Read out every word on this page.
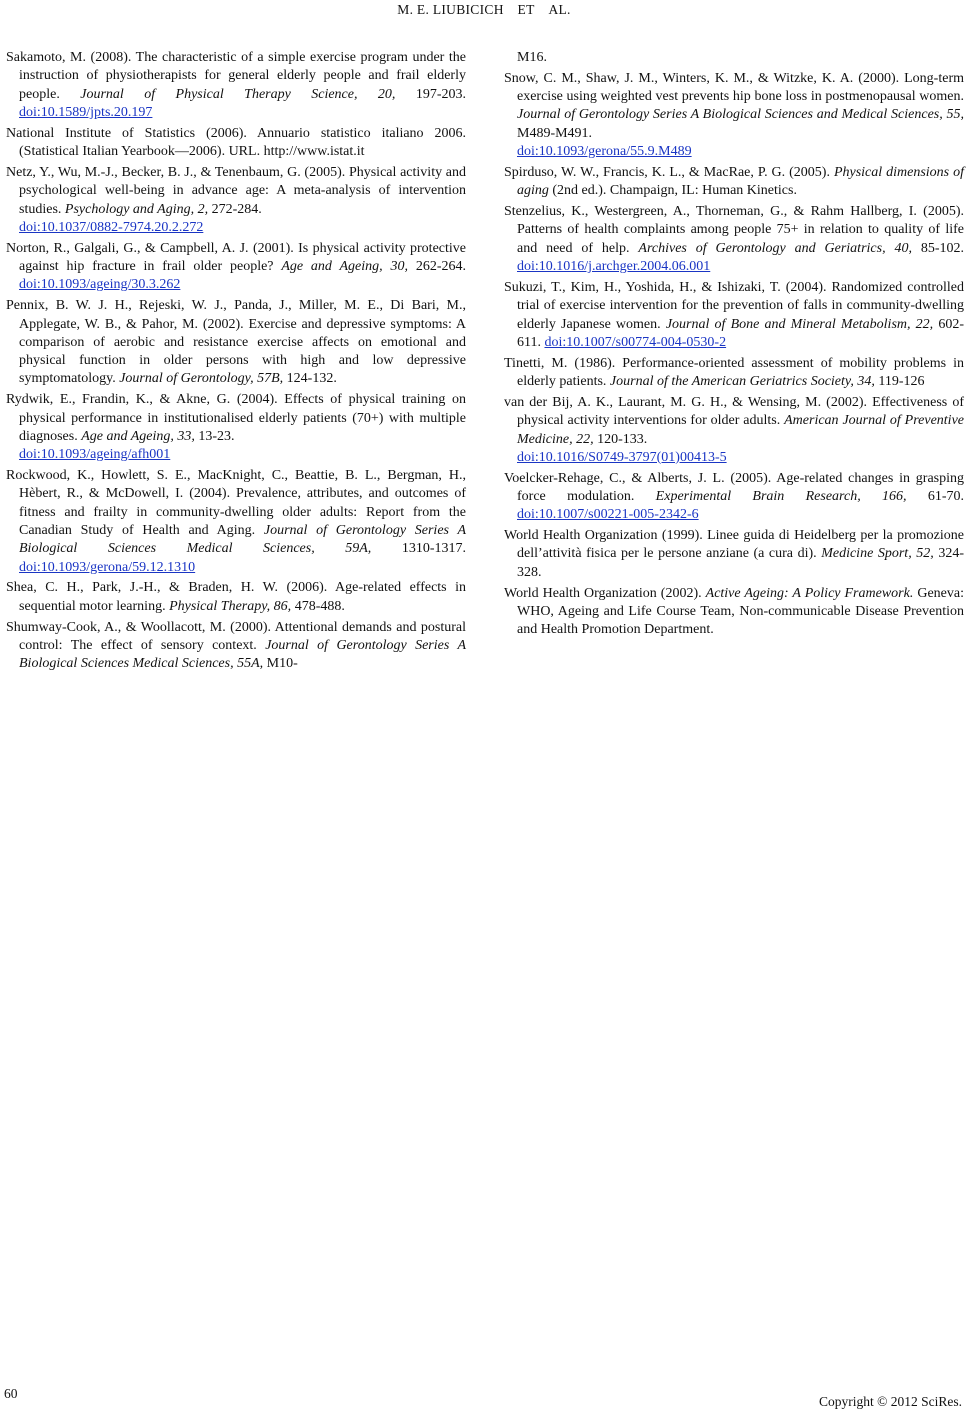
M. E. LIUBICICH ET AL.

Sakamoto, M. (2008). The characteristic of a simple exercise program under the instruction of physiotherapists for general elderly people and frail elderly people. Journal of Physical Therapy Science, 20, 197-203. doi:10.1589/jpts.20.197

National Institute of Statistics (2006). Annuario statistico italiano 2006. (Statistical Italian Yearbook—2006). URL. http://www.istat.it

Netz, Y., Wu, M.-J., Becker, B. J., & Tenenbaum, G. (2005). Physical activity and psychological well-being in advance age: A meta-analysis of intervention studies. Psychology and Aging, 2, 272-284.
doi:10.1037/0882-7974.20.2.272

Norton, R., Galgali, G., & Campbell, A. J. (2001). Is physical activity protective against hip fracture in frail older people? Age and Ageing, 30, 262-264. doi:10.1093/ageing/30.3.262

Pennix, B. W. J. H., Rejeski, W. J., Panda, J., Miller, M. E., Di Bari, M., Applegate, W. B., & Pahor, M. (2002). Exercise and depressive symptoms: A comparison of aerobic and resistance exercise affects on emotional and physical function in older persons with high and low depressive symptomatology. Journal of Gerontology, 57B, 124-132.

Rydwik, E., Frandin, K., & Akne, G. (2004). Effects of physical training on physical performance in institutionalised elderly patients (70+) with multiple diagnoses. Age and Ageing, 33, 13-23.
doi:10.1093/ageing/afh001

Rockwood, K., Howlett, S. E., MacKnight, C., Beattie, B. L., Bergman, H., Hèbert, R., & McDowell, I. (2004). Prevalence, attributes, and outcomes of fitness and frailty in community-dwelling older adults: Report from the Canadian Study of Health and Aging. Journal of Gerontology Series A Biological Sciences Medical Sciences, 59A, 1310-1317. doi:10.1093/gerona/59.12.1310

Shea, C. H., Park, J.-H., & Braden, H. W. (2006). Age-related effects in sequential motor learning. Physical Therapy, 86, 478-488.

Shumway-Cook, A., & Woollacott, M. (2000). Attentional demands and postural control: The effect of sensory context. Journal of Gerontology Series A Biological Sciences Medical Sciences, 55A, M10-

M16.

Snow, C. M., Shaw, J. M., Winters, K. M., & Witzke, K. A. (2000). Long-term exercise using weighted vest prevents hip bone loss in postmenopausal women. Journal of Gerontology Series A Biological Sciences and Medical Sciences, 55, M489-M491.
doi:10.1093/gerona/55.9.M489

Spirduso, W. W., Francis, K. L., & MacRae, P. G. (2005). Physical dimensions of aging (2nd ed.). Champaign, IL: Human Kinetics.

Stenzelius, K., Westergreen, A., Thorneman, G., & Rahm Hallberg, I. (2005). Patterns of health complaints among people 75+ in relation to quality of life and need of help. Archives of Gerontology and Geriatrics, 40, 85-102. doi:10.1016/j.archger.2004.06.001

Sukuzi, T., Kim, H., Yoshida, H., & Ishizaki, T. (2004). Randomized controlled trial of exercise intervention for the prevention of falls in community-dwelling elderly Japanese women. Journal of Bone and Mineral Metabolism, 22, 602-611. doi:10.1007/s00774-004-0530-2

Tinetti, M. (1986). Performance-oriented assessment of mobility problems in elderly patients. Journal of the American Geriatrics Society, 34, 119-126

van der Bij, A. K., Laurant, M. G. H., & Wensing, M. (2002). Effectiveness of physical activity interventions for older adults. American Journal of Preventive Medicine, 22, 120-133.
doi:10.1016/S0749-3797(01)00413-5

Voelcker-Rehage, C., & Alberts, J. L. (2005). Age-related changes in grasping force modulation. Experimental Brain Research, 166, 61-70. doi:10.1007/s00221-005-2342-6

World Health Organization (1999). Linee guida di Heidelberg per la promozione dell’attività fisica per le persone anziane (a cura di). Medicine Sport, 52, 324-328.

World Health Organization (2002). Active Ageing: A Policy Framework. Geneva: WHO, Ageing and Life Course Team, Non-communicable Disease Prevention and Health Promotion Department.

60
Copyright © 2012 SciRes.
